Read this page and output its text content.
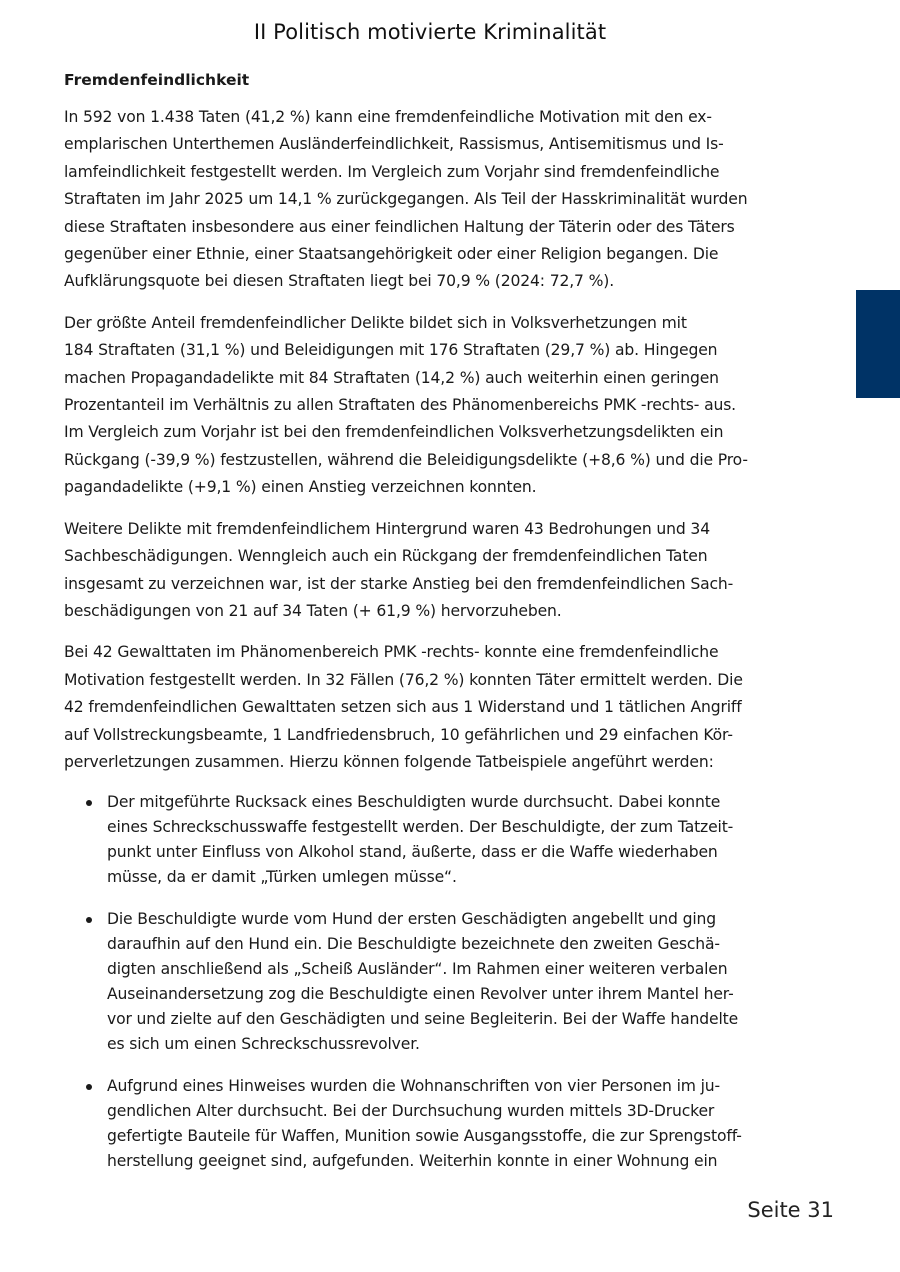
II Politisch motivierte Kriminalität
Fremdenfeindlichkeit
In 592 von 1.438 Taten (41,2 %) kann eine fremdenfeindliche Motivation mit den ex-
emplarischen Unterthemen Ausländerfeindlichkeit, Rassismus, Antisemitismus und Is-
lamfeindlichkeit festgestellt werden. Im Vergleich zum Vorjahr sind fremdenfeindliche
Straftaten im Jahr 2025 um 14,1 % zurückgegangen. Als Teil der Hasskriminalität wurden
diese Straftaten insbesondere aus einer feindlichen Haltung der Täterin oder des Täters
gegenüber einer Ethnie, einer Staatsangehörigkeit oder einer Religion begangen. Die
Aufklärungsquote bei diesen Straftaten liegt bei 70,9 % (2024: 72,7 %).
Der größte Anteil fremdenfeindlicher Delikte bildet sich in Volksverhetzungen mit
184 Straftaten (31,1 %) und Beleidigungen mit 176 Straftaten (29,7 %) ab. Hingegen
machen Propagandadelikte mit 84 Straftaten (14,2 %) auch weiterhin einen geringen
Prozentanteil im Verhältnis zu allen Straftaten des Phänomenbereichs PMK -rechts- aus.
Im Vergleich zum Vorjahr ist bei den fremdenfeindlichen Volksverhetzungsdelikten ein
Rückgang (-39,9 %) festzustellen, während die Beleidigungsdelikte (+8,6 %) und die Pro-
pagandadelikte (+9,1 %) einen Anstieg verzeichnen konnten.
Weitere Delikte mit fremdenfeindlichem Hintergrund waren 43 Bedrohungen und 34
Sachbeschädigungen. Wenngleich auch ein Rückgang der fremdenfeindlichen Taten
insgesamt zu verzeichnen war, ist der starke Anstieg bei den fremdenfeindlichen Sach-
beschädigungen von 21 auf 34 Taten (+ 61,9 %) hervorzuheben.
Bei 42 Gewalttaten im Phänomenbereich PMK -rechts- konnte eine fremdenfeindliche
Motivation festgestellt werden. In 32 Fällen (76,2 %) konnten Täter ermittelt werden. Die
42 fremdenfeindlichen Gewalttaten setzen sich aus 1 Widerstand und 1 tätlichen Angriff
auf Vollstreckungsbeamte, 1 Landfriedensbruch, 10 gefährlichen und 29 einfachen Kör-
perverletzungen zusammen. Hierzu können folgende Tatbeispiele angeführt werden:
Der mitgeführte Rucksack eines Beschuldigten wurde durchsucht. Dabei konnte
eines Schreckschusswaffe festgestellt werden. Der Beschuldigte, der zum Tatzeit-
punkt unter Einfluss von Alkohol stand, äußerte, dass er die Waffe wiederhaben
müsse, da er damit „Türken umlegen müsse“.
Die Beschuldigte wurde vom Hund der ersten Geschädigten angebellt und ging
daraufhin auf den Hund ein. Die Beschuldigte bezeichnete den zweiten Geschä-
digten anschließend als „Scheiß Ausländer“. Im Rahmen einer weiteren verbalen
Auseinandersetzung zog die Beschuldigte einen Revolver unter ihrem Mantel her-
vor und zielte auf den Geschädigten und seine Begleiterin. Bei der Waffe handelte
es sich um einen Schreckschussrevolver.
Aufgrund eines Hinweises wurden die Wohnanschriften von vier Personen im ju-
gendlichen Alter durchsucht. Bei der Durchsuchung wurden mittels 3D-Drucker
gefertigte Bauteile für Waffen, Munition sowie Ausgangsstoffe, die zur Sprengstoff-
herstellung geeignet sind, aufgefunden. Weiterhin konnte in einer Wohnung ein
Seite 31
